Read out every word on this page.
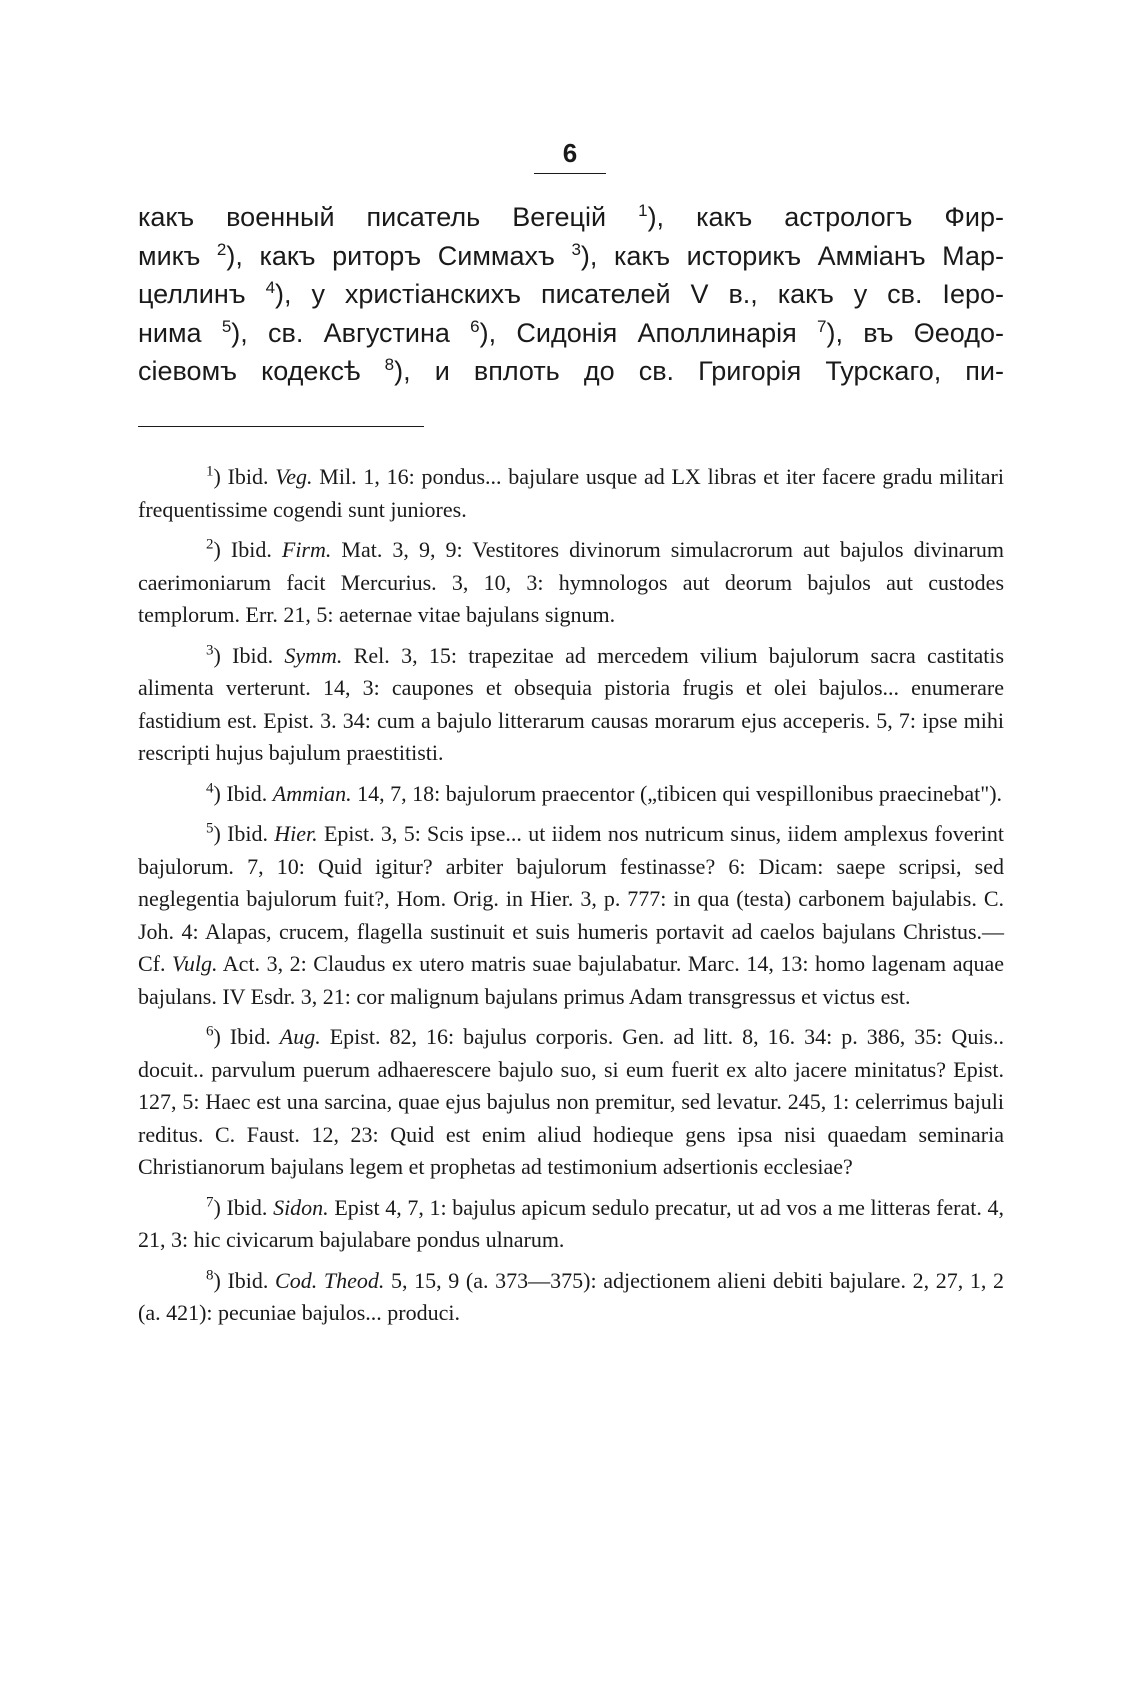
6
какъ военный писатель Вегецій $^1$), какъ астрологъ Фир-
микъ $^2$), какъ риторъ Симмахъ $^3$), какъ историкъ Амміанъ Мар-
целлинъ $^4$), у христіанскихъ писателей V в., какъ у св. Іеро-
нима $^5$), св. Августина $^6$), Сидонія Аполлинарія $^7$), въ Θеодо-
сіевомъ кодексѣ $^8$), и вплоть до св. Григорія Турскаго, пи-

$^1$) Ibid. Veg. Mil. 1, 16: pondus... bajulare usque ad LX libras et iter facere gradu militari frequentissime cogendi sunt juniores.

$^2$) Ibid. Firm. Mat. 3, 9, 9: Vestitores divinorum simulacrorum aut bajulos divinarum caerimoniarum facit Mercurius. 3, 10, 3: hymnologos aut deorum bajulos aut custodes templorum. Err. 21, 5: aeternae vitae bajulans signum.

$^3$) Ibid. Symm. Rel. 3, 15: trapezitae ad mercedem vilium bajulorum sacra castitatis alimenta verterunt. 14, 3: caupones et obsequia pistoria frugis et olei bajulos... enumerare fastidium est. Epist. 3. 34: cum a bajulo litterarum causas morarum ejus acceperis. 5, 7: ipse mihi rescripti hujus bajulum praestitisti.

$^4$) Ibid. Ammian. 14, 7, 18: bajulorum praecentor („tibicen qui vespillonibus praecinebat").

$^5$) Ibid. Hier. Epist. 3, 5: Scis ipse... ut iidem nos nutricum sinus, iidem amplexus foverint bajulorum. 7, 10: Quid igitur? arbiter bajulorum festinasse? 6: Dicam: saepe scripsi, sed neglegentia bajulorum fuit?, Hom. Orig. in Hier. 3, p. 777: in qua (testa) carbonem bajulabis. C. Joh. 4: Alapas, crucem, flagella sustinuit et suis humeris portavit ad caelos bajulans Christus.—Cf. Vulg. Act. 3, 2: Claudus ex utero matris suae bajulabatur. Marc. 14, 13: homo lagenam aquae bajulans. IV Esdr. 3, 21: cor malignum bajulans primus Adam transgressus et victus est.

$^6$) Ibid. Aug. Epist. 82, 16: bajulus corporis. Gen. ad litt. 8, 16. 34: p. 386, 35: Quis.. docuit.. parvulum puerum adhaerescere bajulo suo, si eum fuerit ex alto jacere minitatus? Epist. 127, 5: Haec est una sarcina, quae ejus bajulus non premitur, sed levatur. 245, 1: celerrimus bajuli reditus. C. Faust. 12, 23: Quid est enim aliud hodieque gens ipsa nisi quaedam seminaria Christianorum bajulans legem et prophetas ad testimonium adsertionis ecclesiae?

$^7$) Ibid. Sidon. Epist 4, 7, 1: bajulus apicum sedulo precatur, ut ad vos a me litteras ferat. 4, 21, 3: hic civicarum bajulabare pondus ulnarum.

$^8$) Ibid. Cod. Theod. 5, 15, 9 (a. 373—375): adjectionem alieni debiti bajulare. 2, 27, 1, 2 (a. 421): pecuniae bajulos... produci.
